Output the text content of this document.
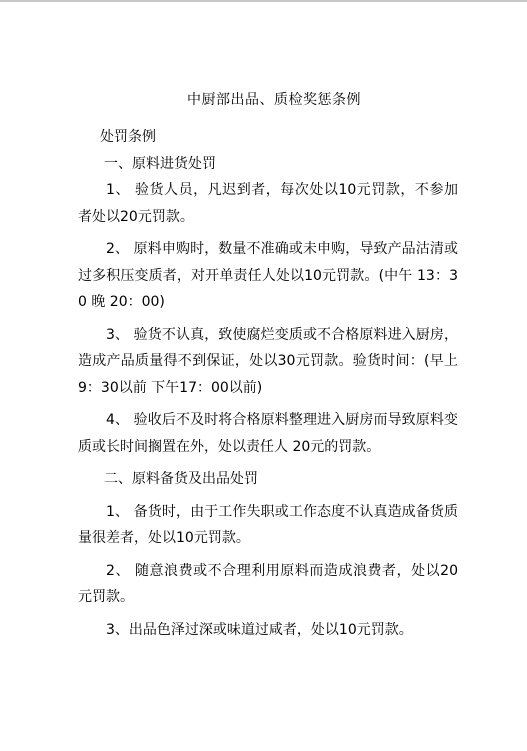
中厨部出品、质检奖惩条例

处罚条例

一、原料进货处罚

1、 验货人员，凡迟到者，每次处以10元罚款，不参加者处以20元罚款。

2、 原料申购时，数量不准确或未申购，导致产品沽清或过多积压变质者，对开单责任人处以10元罚款。(中午 13：30 晚 20：00)

3、 验货不认真，致使腐烂变质或不合格原料进入厨房，造成产品质量得不到保证，处以30元罚款。验货时间：(早上 9：30以前 下午17：00以前)

4、 验收后不及时将合格原料整理进入厨房而导致原料变质或长时间搁置在外，处以责任人 20元的罚款。

二、原料备货及出品处罚

1、 备货时，由于工作失职或工作态度不认真造成备货质量很差者，处以10元罚款。

2、 随意浪费或不合理利用原料而造成浪费者，处以20元罚款。

3、出品色泽过深或味道过咸者，处以10元罚款。
